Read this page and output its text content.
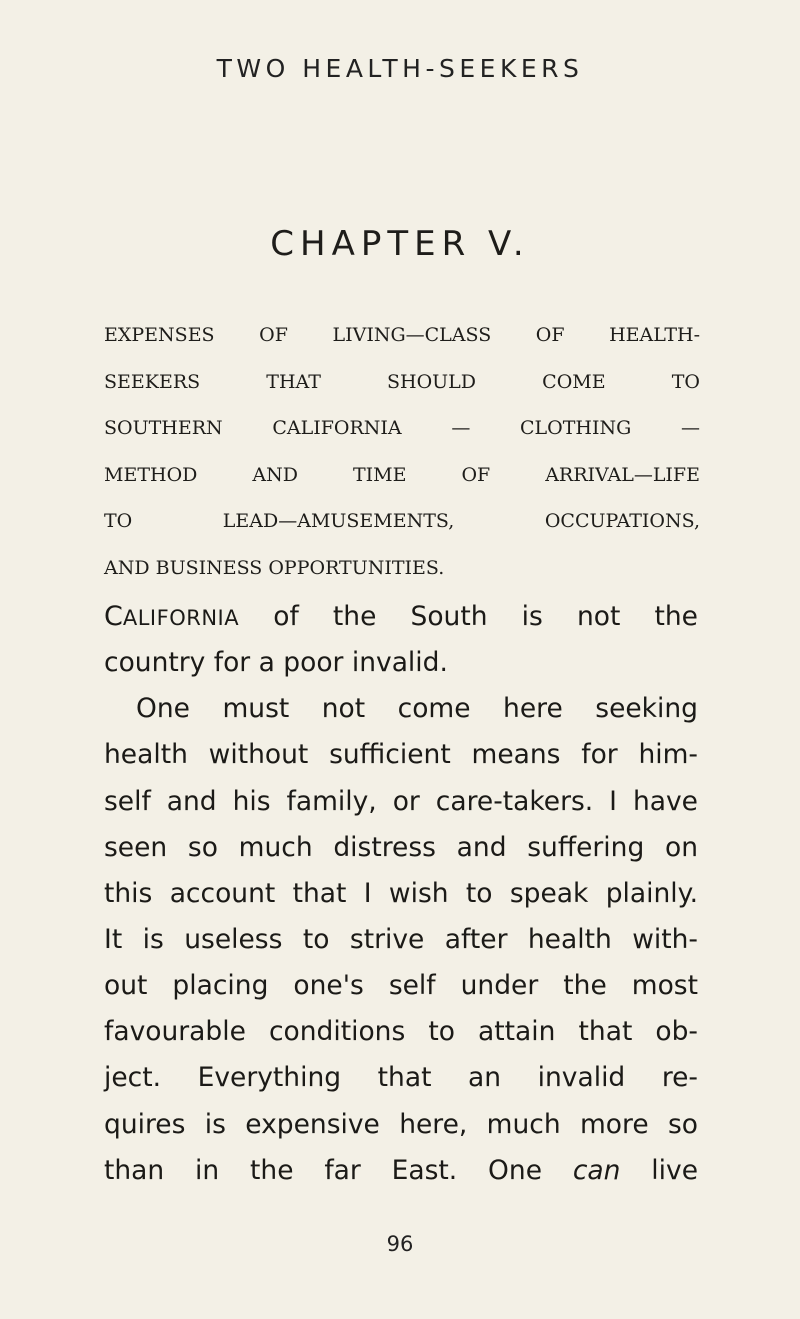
TWO HEALTH-SEEKERS
CHAPTER V.
EXPENSES OF LIVING—CLASS OF HEALTH-
SEEKERS THAT SHOULD COME TO
SOUTHERN CALIFORNIA — CLOTHING —
METHOD AND TIME OF ARRIVAL—LIFE
TO LEAD—AMUSEMENTS, OCCUPATIONS,
AND BUSINESS OPPORTUNITIES.
CALIFORNIA of the South is not the
country for a poor invalid.
One must not come here seeking
health without sufficient means for him-
self and his family, or care-takers. I have
seen so much distress and suffering on
this account that I wish to speak plainly.
It is useless to strive after health with-
out placing one's self under the most
favourable conditions to attain that ob-
ject. Everything that an invalid re-
quires is expensive here, much more so
than in the far East. One can live
96
